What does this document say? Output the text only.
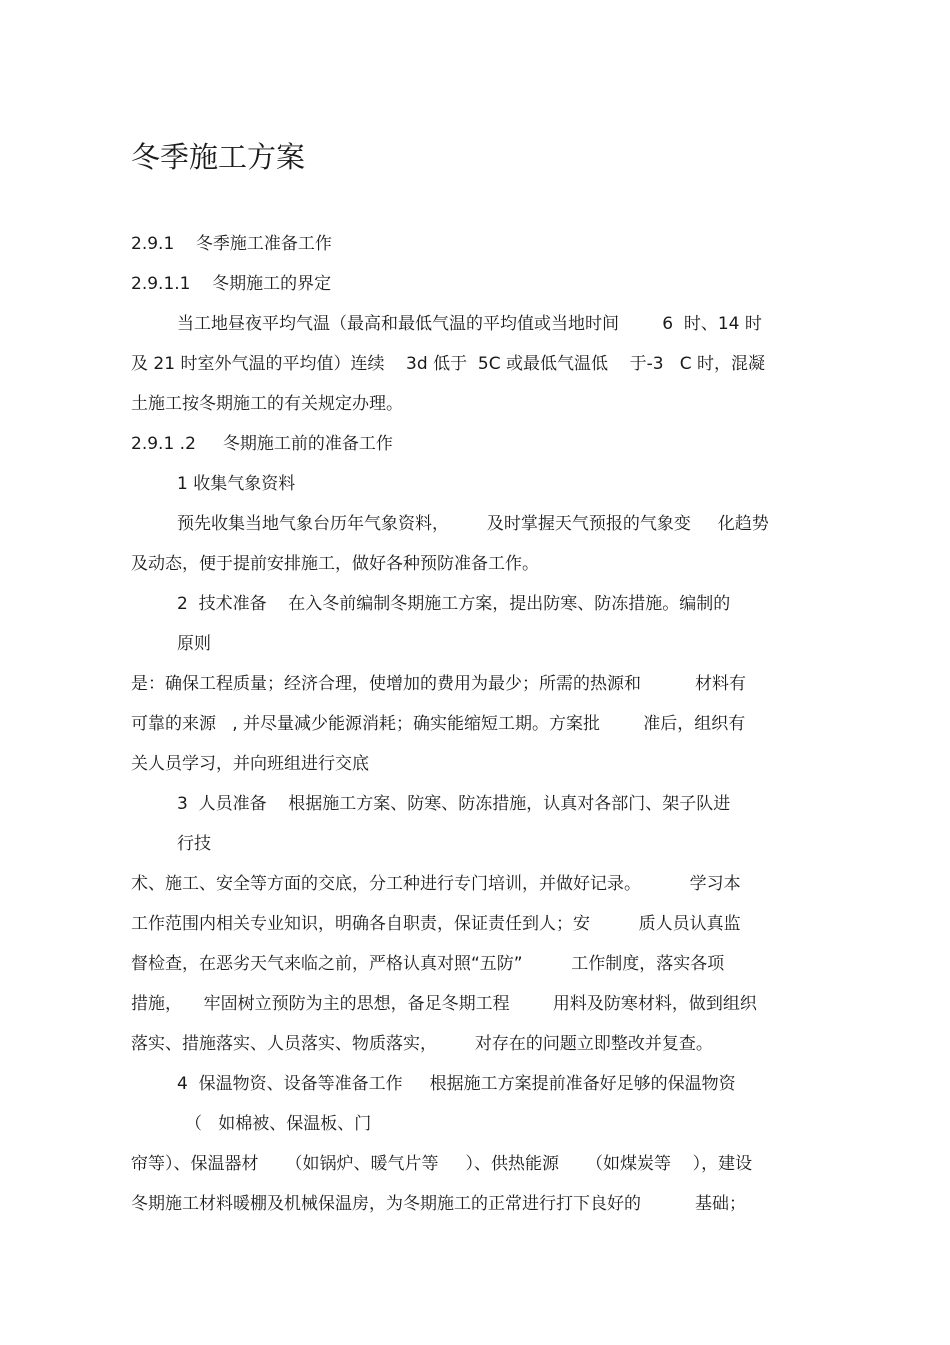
冬季施工方案

2.9.1    冬季施工准备工作

2.9.1.1    冬期施工的界定

当工地昼夜平均气温（最高和最低气温的平均值或当地时间        6  时、14 时

及 21 时室外气温的平均值）连续    3d 低于  5C 或最低气温低    于-3   C 时，混凝

土施工按冬期施工的有关规定办理。

2.9.1 .2     冬期施工前的准备工作

1 收集气象资料

预先收集当地气象台历年气象资料，       及时掌握天气预报的气象变     化趋势

及动态，便于提前安排施工，做好各种预防准备工作。

2  技术准备    在入冬前编制冬期施工方案，提出防寒、防冻措施。编制的

原则

是：确保工程质量；经济合理，使增加的费用为最少；所需的热源和          材料有

可靠的来源   , 并尽量减少能源消耗；确实能缩短工期。方案批        准后，组织有

关人员学习，并向班组进行交底

3  人员准备    根据施工方案、防寒、防冻措施，认真对各部门、架子队进

行技

术、施工、安全等方面的交底，分工种进行专门培训，并做好记录。         学习本

工作范围内相关专业知识，明确各自职责，保证责任到人；安         质人员认真监

督检查，在恶劣天气来临之前，严格认真对照“五防”         工作制度，落实各项

措施，    牢固树立预防为主的思想，备足冬期工程        用料及防寒材料，做到组织

落实、措施落实、人员落实、物质落实，       对存在的问题立即整改并复查。

4  保温物资、设备等准备工作     根据施工方案提前准备好足够的保温物资

（   如棉被、保温板、门

帘等）、保温器材     （如锅炉、暖气片等     ）、供热能源     （如煤炭等    ），建设

冬期施工材料暖棚及机械保温房，为冬期施工的正常进行打下良好的          基础；
